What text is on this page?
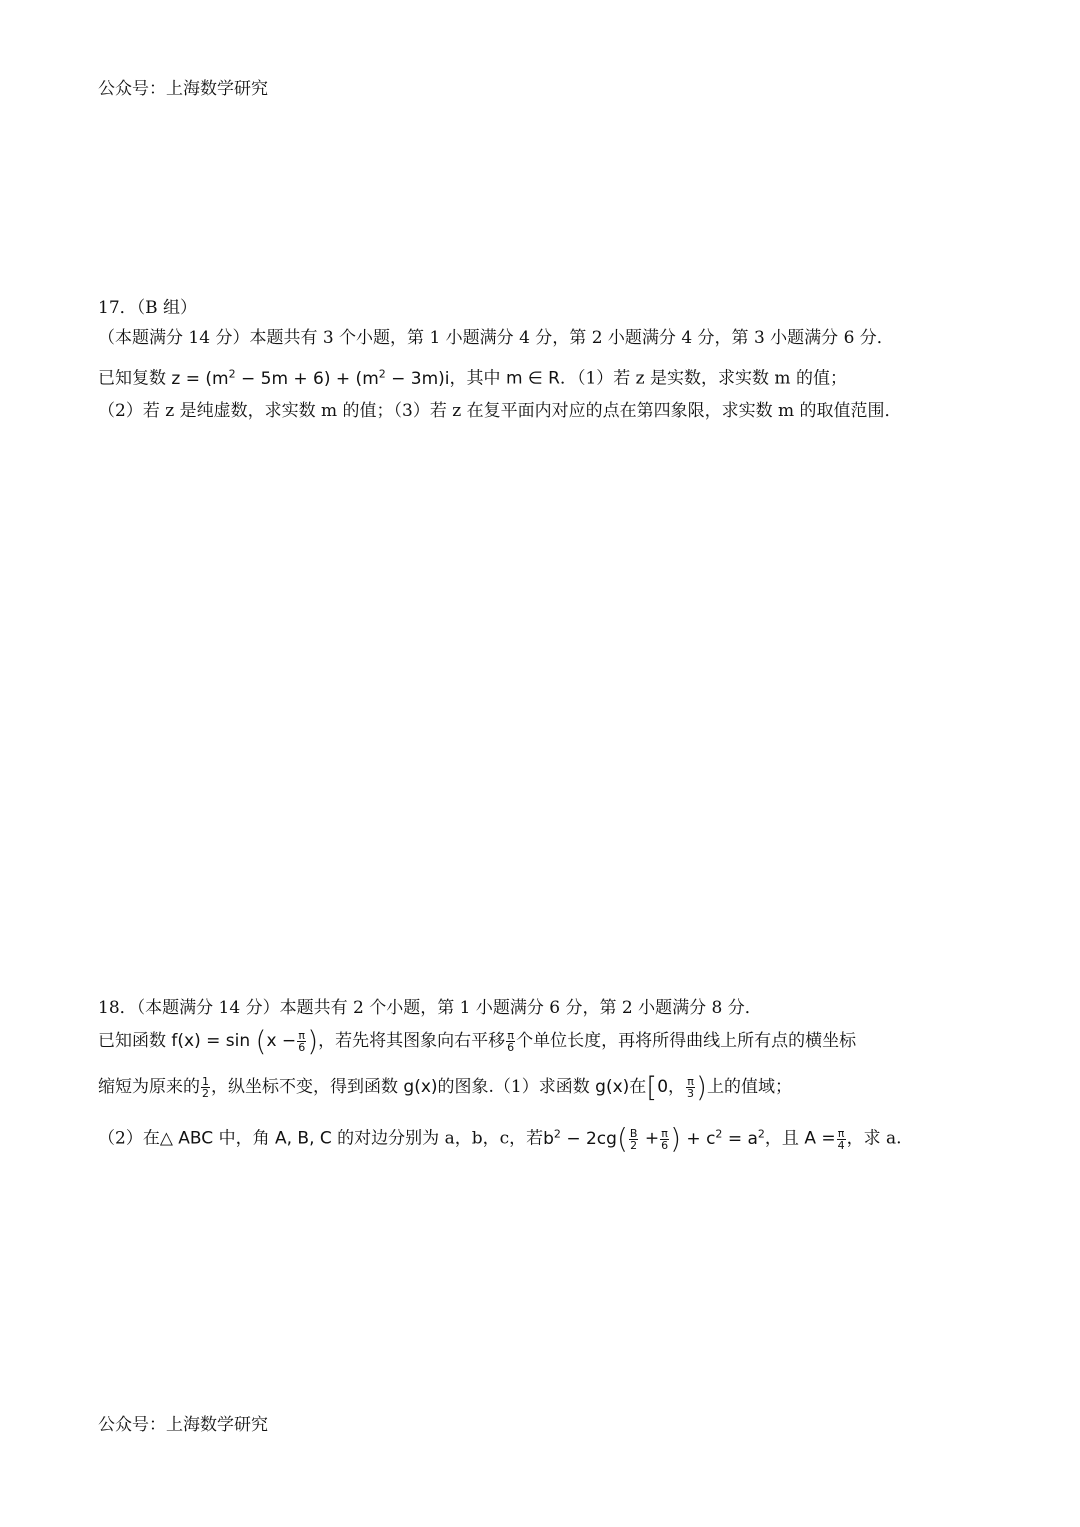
公众号：上海数学研究
17．（B 组）
（本题满分 14 分）本题共有 3 个小题，第 1 小题满分 4 分，第 2 小题满分 4 分，第 3 小题满分 6 分．
已知复数 $z = (m^2 - 5m + 6) + (m^2 - 3m)i$，其中 m ∈ R．（1）若 z 是实数，求实数 m 的值；
（2）若 z 是纯虚数，求实数 m 的值；（3）若 z 在复平面内对应的点在第四象限，求实数 m 的取值范围．
18．（本题满分 14 分）本题共有 2 个小题，第 1 小题满分 6 分，第 2 小题满分 8 分．
已知函数 $f(x) = \sin (x - \frac{\pi}{6}$ )，若先将其图象向右平移 $\frac{\pi}{6}$ 个单位长度，再将所得曲线上所有点的横坐标
缩短为原来的 $\frac{1}{2}$ ，纵坐标不变，得到函数 g(x)的图象.（1）求函数 g(x)在[0， $\frac{\pi}{3}$ )上的值域；
（2）在△ ABC 中，角 A, B, C 的对边分别为 a，b，c，若$b^2 - 2cg( \frac{B}{2} + \frac{\pi}{6}$ ) + $c^2 = a^2$，且 $A = \frac{\pi}{4}$ ，求 a.
公众号：上海数学研究
